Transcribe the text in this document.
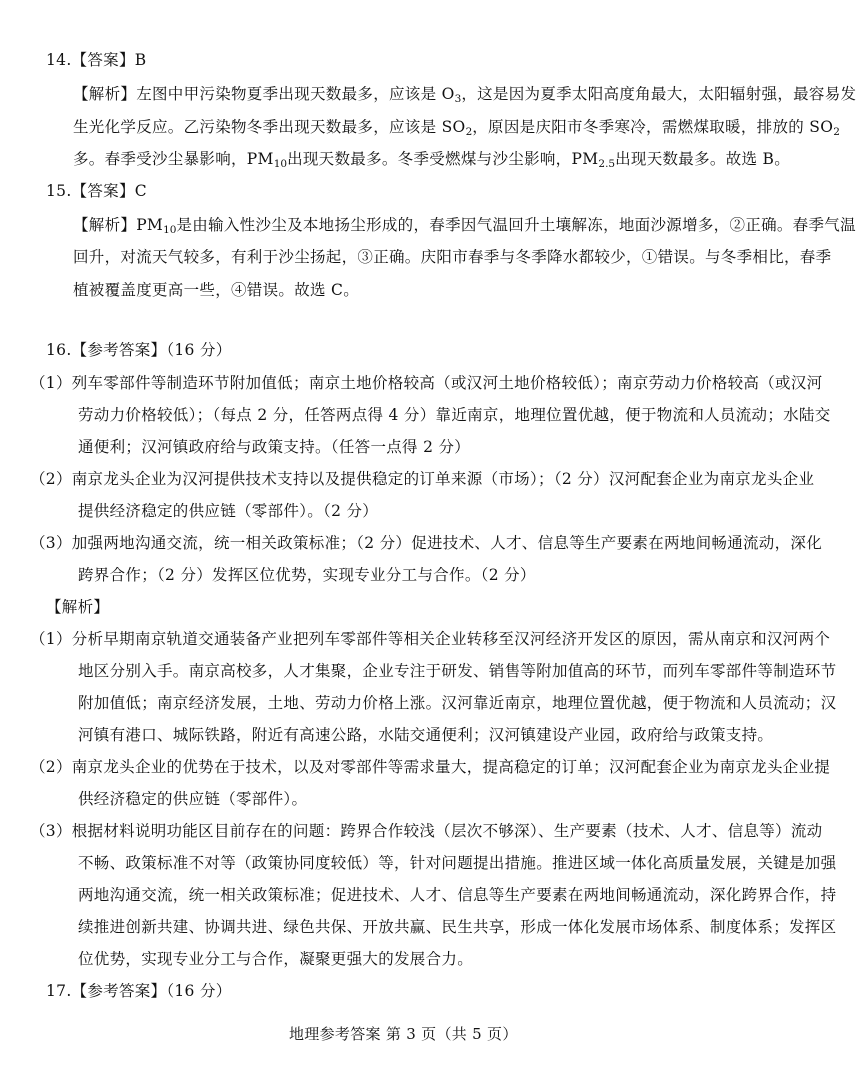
14.【答案】B
【解析】左图中甲污染物夏季出现天数最多，应该是 $O_3$，这是因为夏季太阳高度角最大，太阳辐射强，最容易发
生光化学反应。乙污染物冬季出现天数最多，应该是 $SO_2$，原因是庆阳市冬季寒冷，需燃煤取暖，排放的 $SO_2$
多。春季受沙尘暴影响，$PM_{10}$出现天数最多。冬季受燃煤与沙尘影响，$PM_{2.5}$出现天数最多。故选 B。
15.【答案】C
【解析】$PM_{10}$是由输入性沙尘及本地扬尘形成的，春季因气温回升土壤解冻，地面沙源增多，②正确。春季气温
回升，对流天气较多，有利于沙尘扬起，③正确。庆阳市春季与冬季降水都较少，①错误。与冬季相比，春季
植被覆盖度更高一些，④错误。故选 C。
16.【参考答案】（16 分）
（1）列车零部件等制造环节附加值低；南京土地价格较高（或汉河土地价格较低）；南京劳动力价格较高（或汉河
劳动力价格较低）；（每点 2 分，任答两点得 4 分）靠近南京，地理位置优越，便于物流和人员流动；水陆交
通便利；汉河镇政府给与政策支持。（任答一点得 2 分）
（2）南京龙头企业为汉河提供技术支持以及提供稳定的订单来源（市场）；（2 分）汉河配套企业为南京龙头企业
提供经济稳定的供应链（零部件）。（2 分）
（3）加强两地沟通交流，统一相关政策标准；（2 分）促进技术、人才、信息等生产要素在两地间畅通流动，深化
跨界合作；（2 分）发挥区位优势，实现专业分工与合作。（2 分）
【解析】
（1）分析早期南京轨道交通装备产业把列车零部件等相关企业转移至汉河经济开发区的原因，需从南京和汉河两个
地区分别入手。南京高校多，人才集聚，企业专注于研发、销售等附加值高的环节，而列车零部件等制造环节
附加值低；南京经济发展，土地、劳动力价格上涨。汉河靠近南京，地理位置优越，便于物流和人员流动；汉
河镇有港口、城际铁路，附近有高速公路，水陆交通便利；汉河镇建设产业园，政府给与政策支持。
（2）南京龙头企业的优势在于技术，以及对零部件等需求量大，提高稳定的订单；汉河配套企业为南京龙头企业提
供经济稳定的供应链（零部件）。
（3）根据材料说明功能区目前存在的问题：跨界合作较浅（层次不够深）、生产要素（技术、人才、信息等）流动
不畅、政策标准不对等（政策协同度较低）等，针对问题提出措施。推进区域一体化高质量发展，关键是加强
两地沟通交流，统一相关政策标准；促进技术、人才、信息等生产要素在两地间畅通流动，深化跨界合作，持
续推进创新共建、协调共进、绿色共保、开放共赢、民生共享，形成一体化发展市场体系、制度体系；发挥区
位优势，实现专业分工与合作，凝聚更强大的发展合力。
17.【参考答案】（16 分）
地理参考答案 第 3 页（共 5 页）
